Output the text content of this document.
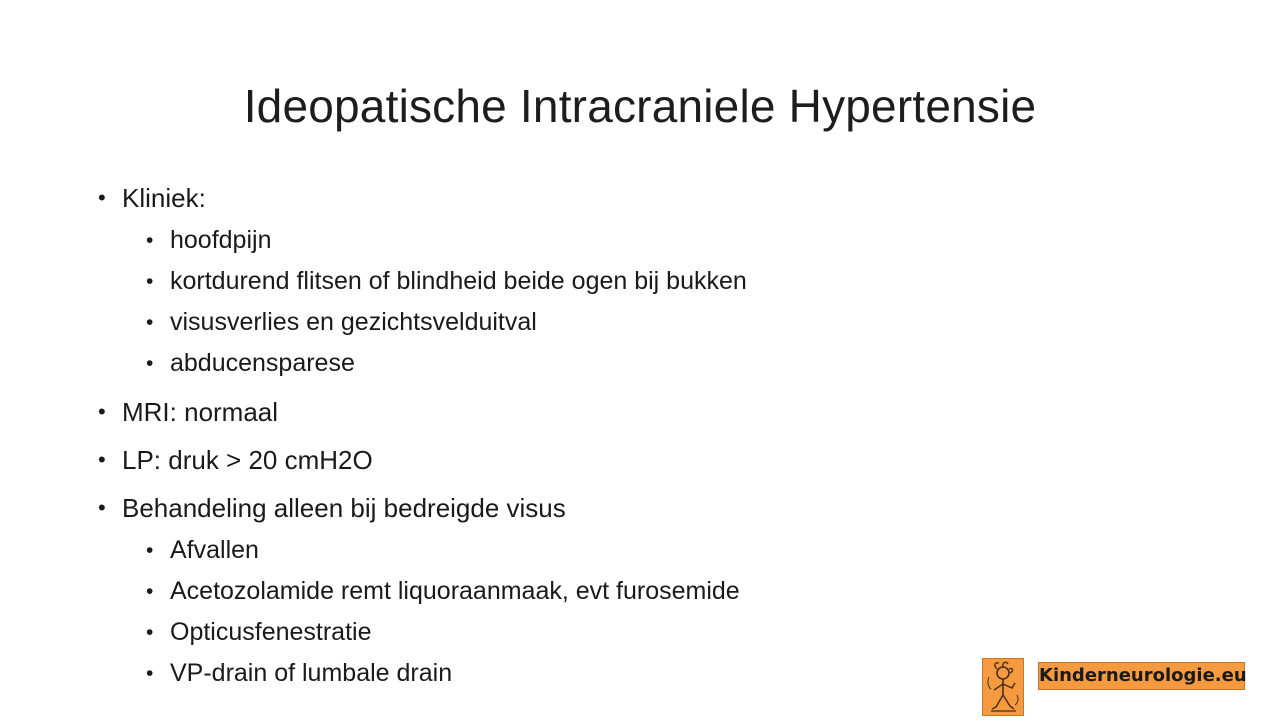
Ideopatische Intracraniele Hypertensie
• Kliniek:
• hoofdpijn
• kortdurend flitsen of blindheid beide ogen bij bukken
• visusverlies en gezichtsvelduitval
• abducensparese
• MRI: normaal
• LP: druk > 20 cmH2O
• Behandeling alleen bij bedreigde visus
• Afvallen
• Acetozolamide remt liquoraanmaak, evt furosemide
• Opticusfenestratie
• VP-drain of lumbale drain	Kinderneurologie.eu
